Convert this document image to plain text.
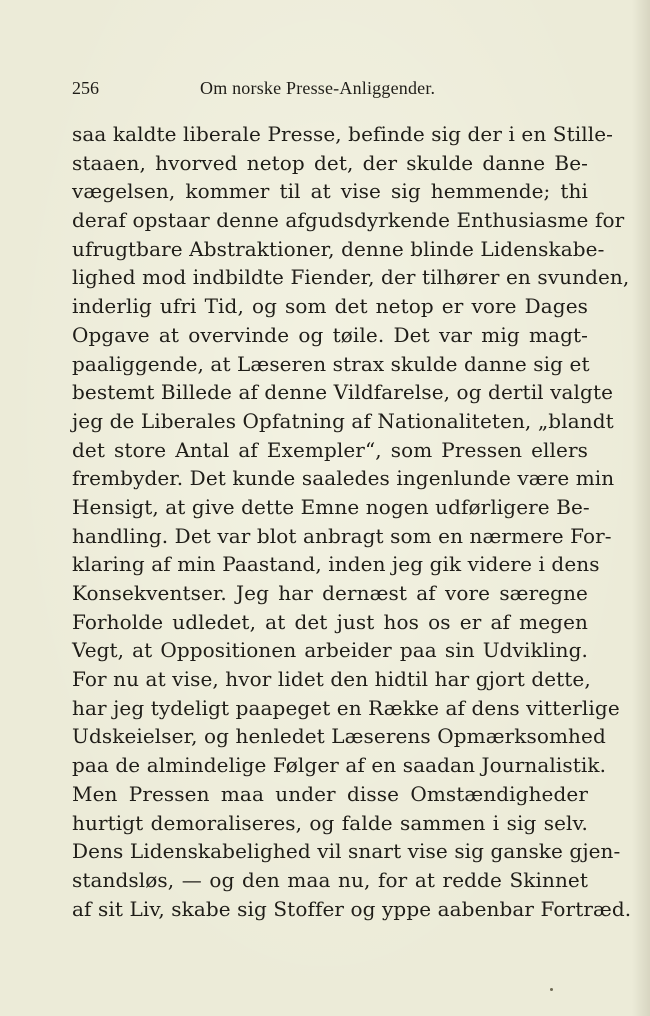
256	Om norske Presse-Anliggender.
saa kaldte liberale Presse, befinde sig der i en Stille-
staaen, hvorved netop det, der skulde danne Be-
vægelsen, kommer til at vise sig hemmende; thi
deraf opstaar denne afgudsdyrkende Enthusiasme for
ufrugtbare Abstraktioner, denne blinde Lidenskabe-
lighed mod indbildte Fiender, der tilhører en svunden,
inderlig ufri Tid, og som det netop er vore Dages
Opgave at overvinde og tøile. Det var mig magt-
paaliggende, at Læseren strax skulde danne sig et
bestemt Billede af denne Vildfarelse, og dertil valgte
jeg de Liberales Opfatning af Nationaliteten, „blandt
det store Antal af Exempler“, som Pressen ellers
frembyder. Det kunde saaledes ingenlunde være min
Hensigt, at give dette Emne nogen udførligere Be-
handling. Det var blot anbragt som en nærmere For-
klaring af min Paastand, inden jeg gik videre i dens
Konsekventser. Jeg har dernæst af vore særegne
Forholde udledet, at det just hos os er af megen
Vegt, at Oppositionen arbeider paa sin Udvikling.
For nu at vise, hvor lidet den hidtil har gjort dette,
har jeg tydeligt paapeget en Række af dens vitterlige
Udskeielser, og henledet Læserens Opmærksomhed
paa de almindelige Følger af en saadan Journalistik.
Men Pressen maa under disse Omstændigheder
hurtigt demoraliseres, og falde sammen i sig selv.
Dens Lidenskabelighed vil snart vise sig ganske gjen-
standsløs, — og den maa nu, for at redde Skinnet
af sit Liv, skabe sig Stoffer og yppe aabenbar Fortræd.
